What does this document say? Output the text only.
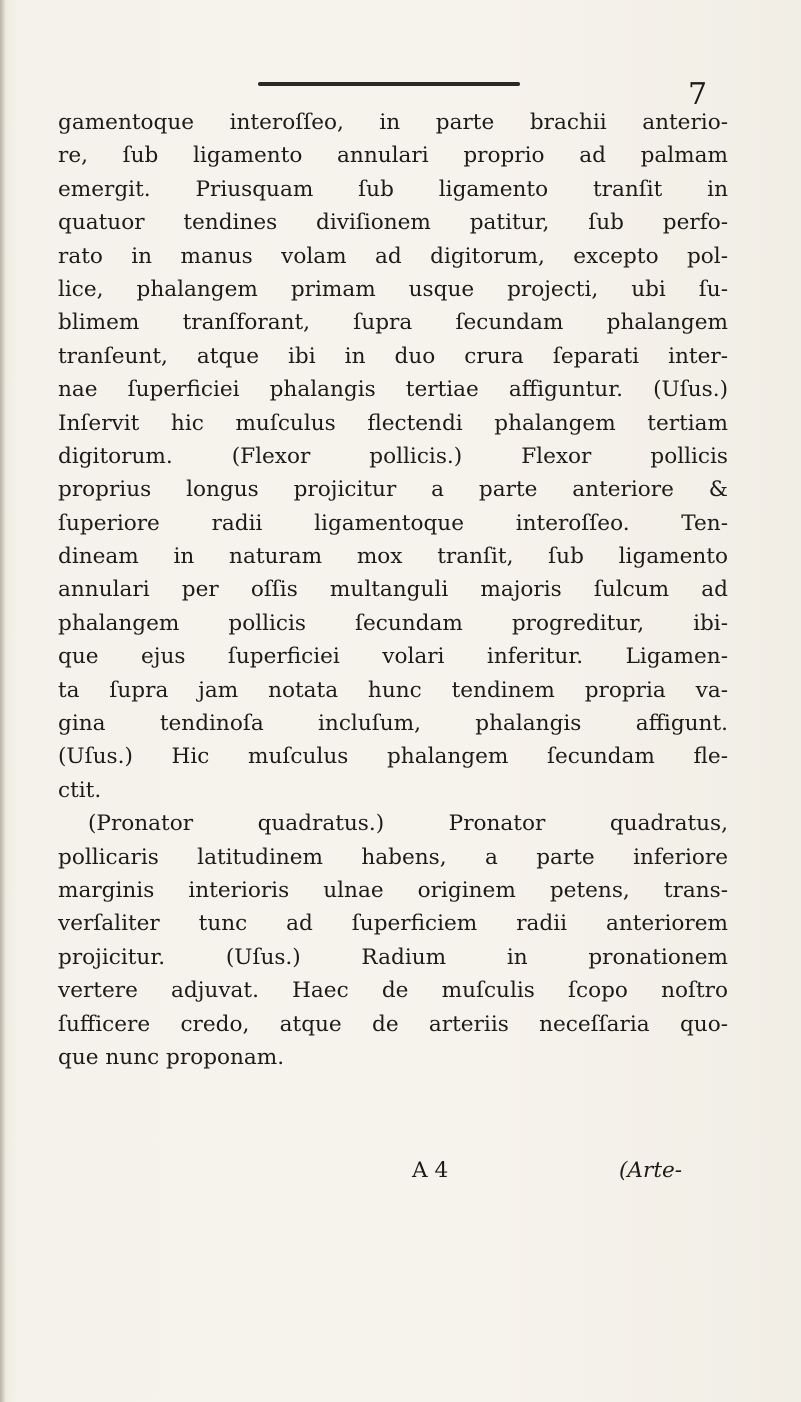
7
gamentoque interoſſeo, in parte brachii anterio-
re, ſub ligamento annulari proprio ad palmam
emergit. Priusquam ſub ligamento tranſit in
quatuor tendines diviſionem patitur, ſub perfo-
rato in manus volam ad digitorum, excepto pol-
lice, phalangem primam usque projecti, ubi ſu-
blimem tranſforant, ſupra ſecundam phalangem
tranſeunt, atque ibi in duo crura ſeparati inter-
nae ſuperficiei phalangis tertiae affiguntur. (Uſus.)
Inſervit hic muſculus flectendi phalangem tertiam
digitorum. (Flexor pollicis.) Flexor pollicis
proprius longus projicitur a parte anteriore &
ſuperiore radii ligamentoque interoſſeo. Ten-
dineam in naturam mox tranſit, ſub ligamento
annulari per oſſis multanguli majoris ſulcum ad
phalangem pollicis ſecundam progreditur, ibi-
que ejus ſuperficiei volari inferitur. Ligamen-
ta ſupra jam notata hunc tendinem propria va-
gina tendinoſa incluſum, phalangis affigunt.
(Uſus.) Hic muſculus phalangem ſecundam fle-
ctit.
(Pronator quadratus.) Pronator quadratus,
pollicaris latitudinem habens, a parte inferiore
marginis interioris ulnae originem petens, trans-
verſaliter tunc ad ſuperficiem radii anteriorem
projicitur. (Uſus.) Radium in pronationem
vertere adjuvat. Haec de muſculis ſcopo noſtro
ſufficere credo, atque de arteriis neceſſaria quo-
que nunc proponam.
A 4	(Arte-
